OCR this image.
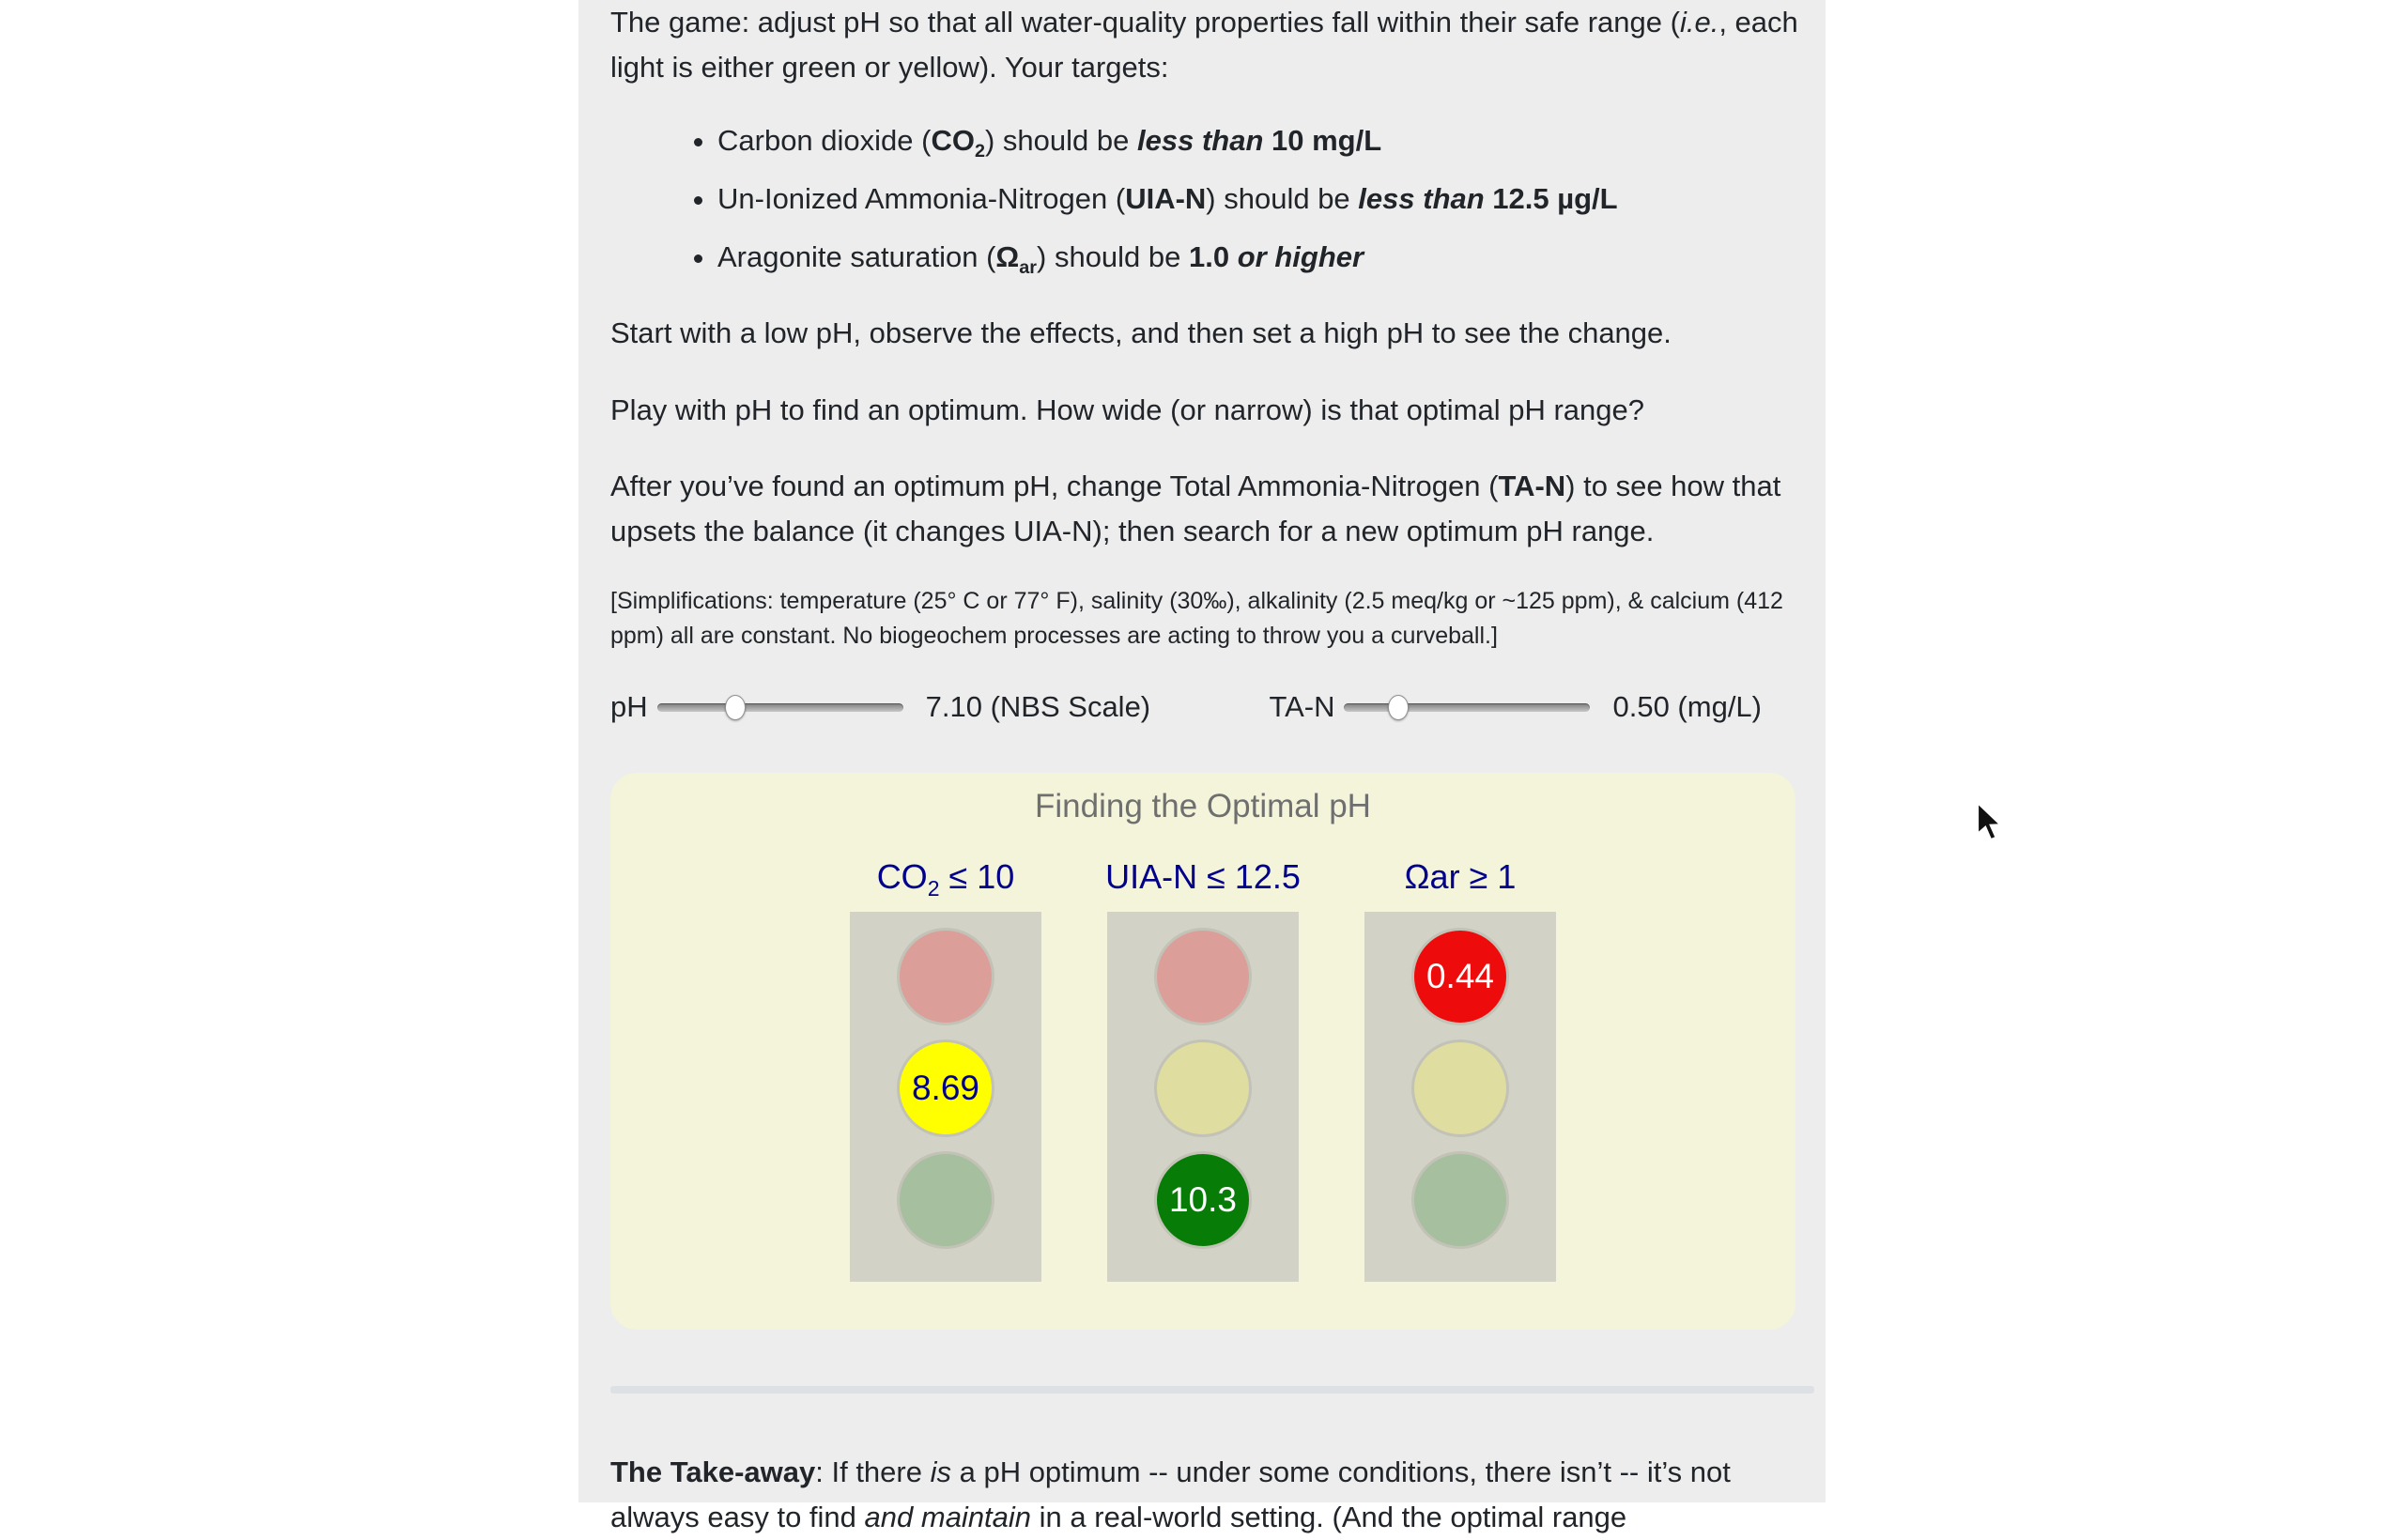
The game: adjust pH so that all water-quality properties fall within their safe range (i.e., each light is either green or yellow). Your targets:

• Carbon dioxide $(CO_2)$ should be less than 10 mg/L
• Un-Ionized Ammonia-Nitrogen (UIA-N) should be less than 12.5 µg/L
• Aragonite saturation $(\Omega_{ar})$ should be 1.0 or higher

Start with a low pH, observe the effects, and then set a high pH to see the change.

Play with pH to find an optimum. How wide (or narrow) is that optimal pH range?

After you’ve found an optimum pH, change Total Ammonia-Nitrogen (TA-N) to see how that upsets the balance (it changes UIA-N); then search for a new optimum pH range.

[Simplifications: temperature (25° C or 77° F), salinity (30‰), alkalinity (2.5 meq/kg or ~125 ppm), & calcium (412 ppm) all are constant. No biogeochem processes are acting to throw you a curveball.]

pH	7.10 (NBS Scale)	TA-N	0.50 (mg/L)
Finding the Optimal pH
$CO_2 \le 10$
8.69
UIA-N ≤ 12.5
10.3
Ωar ≥ 1
0.44

The Take-away: If there is a pH optimum -- under some conditions, there isn’t -- it’s not always easy to find and maintain in a real-world setting. (And the optimal range
